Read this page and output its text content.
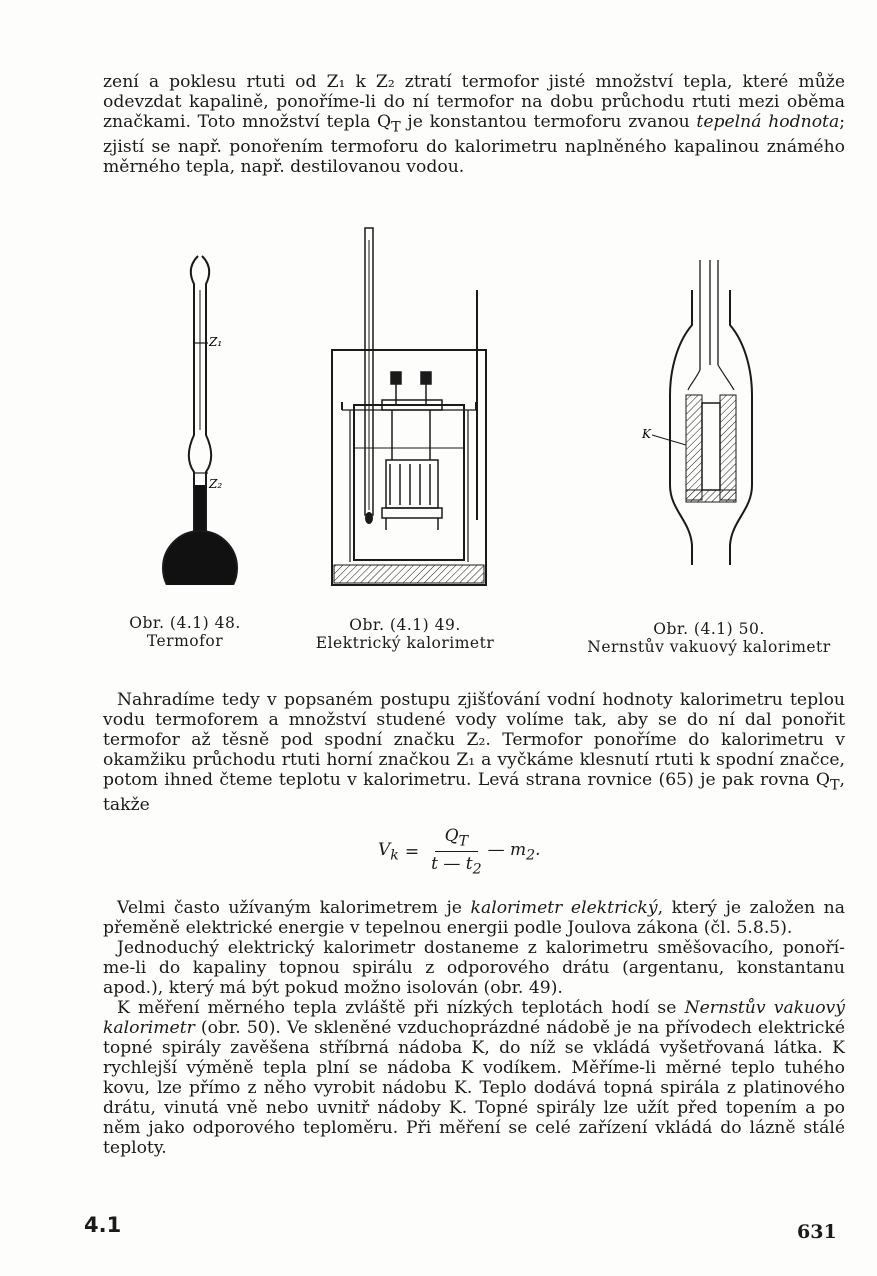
zení a poklesu rtuti od Z₁ k Z₂ ztratí termofor jisté množství tepla, které může odevzdat kapalině, ponoříme-li do ní termofor na dobu průchodu rtuti mezi oběma značkami. Toto množství tepla $Q_T$ je konstantou termoforu zvanou tepelná hodnota; zjistí se např. ponořením termoforu do kalorimetru naplněného kapalinou známého měrného tepla, např. destilovanou vodou.

Z₁
Z₂
K
Obr. (4.1) 48.
Termofor
Obr. (4.1) 49.
Elektrický kalorimetr
Obr. (4.1) 50.
Nernstův vakuový kalorimetr

Nahradíme tedy v popsaném postupu zjišťování vodní hodnoty kalorimetru teplou vodu termoforem a množství studené vody volíme tak, aby se do ní dal ponořit termofor až těsně pod spodní značku Z₂. Termofor ponoříme do kalorimetru v okamžiku průchodu rtuti horní značkou Z₁ a vyčkáme klesnutí rtuti k spodní značce, potom ihned čteme teplotu v kalorimetru. Levá strana rovnice (65) je pak rovna $Q_T$, takže

$V_k = \frac{Q_T}{t — t_2}$ — $m_2$.

Velmi často užívaným kalorimetrem je kalorimetr elektrický, který je založen na přeměně elektrické energie v tepelnou energii podle Joulova zákona (čl. 5.8.5).

Jednoduchý elektrický kalorimetr dostaneme z kalorimetru směšovacího, ponoří-me-li do kapaliny topnou spirálu z odporového drátu (argentanu, konstantanu apod.), který má být pokud možno isolován (obr. 49).

K měření měrného tepla zvláště při nízkých teplotách hodí se Nernstův vakuový kalorimetr (obr. 50). Ve skleněné vzduchoprázdné nádobě je na přívodech elektrické topné spirály zavěšena stříbrná nádoba K, do níž se vkládá vyšetřovaná látka. K rychlejší výměně tepla plní se nádoba K vodíkem. Měříme-li měrné teplo tuhého kovu, lze přímo z něho vyrobit nádobu K. Teplo dodává topná spirála z platinového drátu, vinutá vně nebo uvnitř nádoby K. Topné spirály lze užít před topením a po něm jako odporového teploměru. Při měření se celé zařízení vkládá do lázně stálé teploty.

4.1	631
